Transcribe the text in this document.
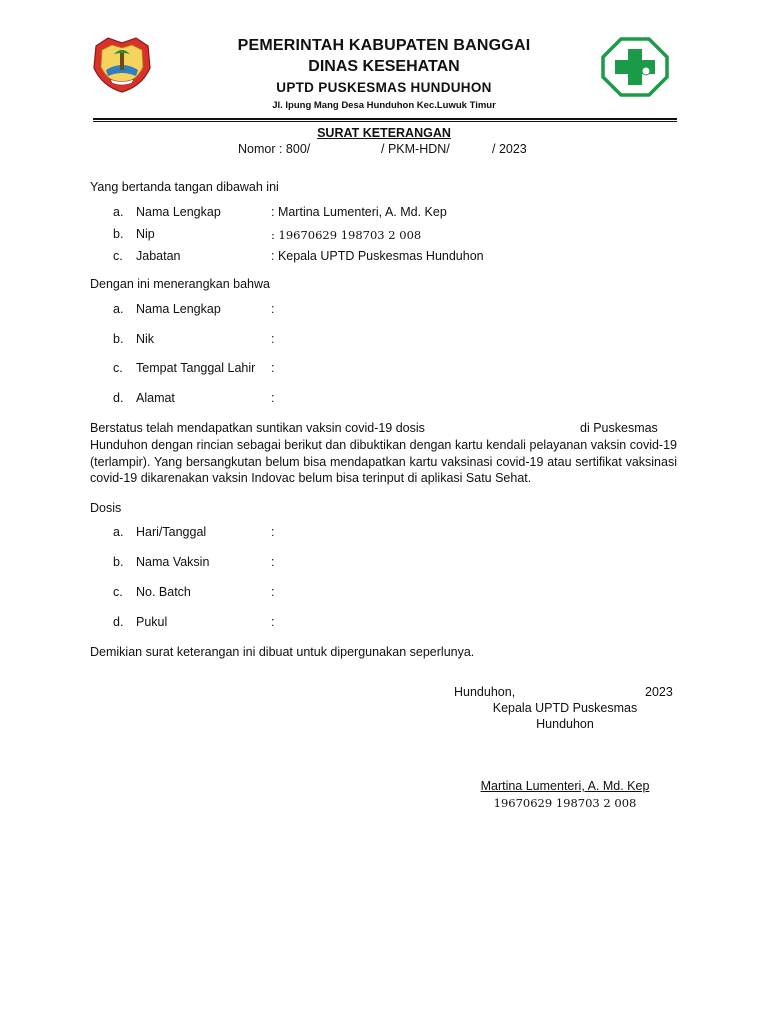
PEMERINTAH KABUPATEN BANGGAI
DINAS KESEHATAN
UPTD PUSKESMAS HUNDUHON
Jl. Ipung Mang Desa Hunduhon Kec.Luwuk Timur
SURAT KETERANGAN
Nomor : 800/	/ PKM-HDN/	/ 2023
Yang bertanda tangan dibawah ini
a. Nama Lengkap	: Martina Lumenteri, A. Md. Kep
b. Nip	: 19670629 198703 2 008
c. Jabatan	: Kepala UPTD Puskesmas Hunduhon
Dengan ini menerangkan bahwa
a. Nama Lengkap	:
b. Nik	:
c. Tempat Tanggal Lahir :
d. Alamat	:
Berstatus telah mendapatkan suntikan vaksin covid-19 dosis	di Puskesmas
Hunduhon dengan rincian sebagai berikut dan dibuktikan dengan kartu kendali pelayanan vaksin covid-19 (terlampir). Yang bersangkutan belum bisa mendapatkan kartu vaksinasi covid-19 atau sertifikat vaksinasi covid-19 dikarenakan vaksin Indovac belum bisa terinput di aplikasi Satu Sehat.
Dosis
a. Hari/Tanggal	:
b. Nama Vaksin	:
c. No. Batch	:
d. Pukul	:
Demikian surat keterangan ini dibuat untuk dipergunakan seperlunya.
Hunduhon,	2023
Kepala UPTD Puskesmas
Hunduhon
Martina Lumenteri, A. Md. Kep
19670629 198703 2 008
